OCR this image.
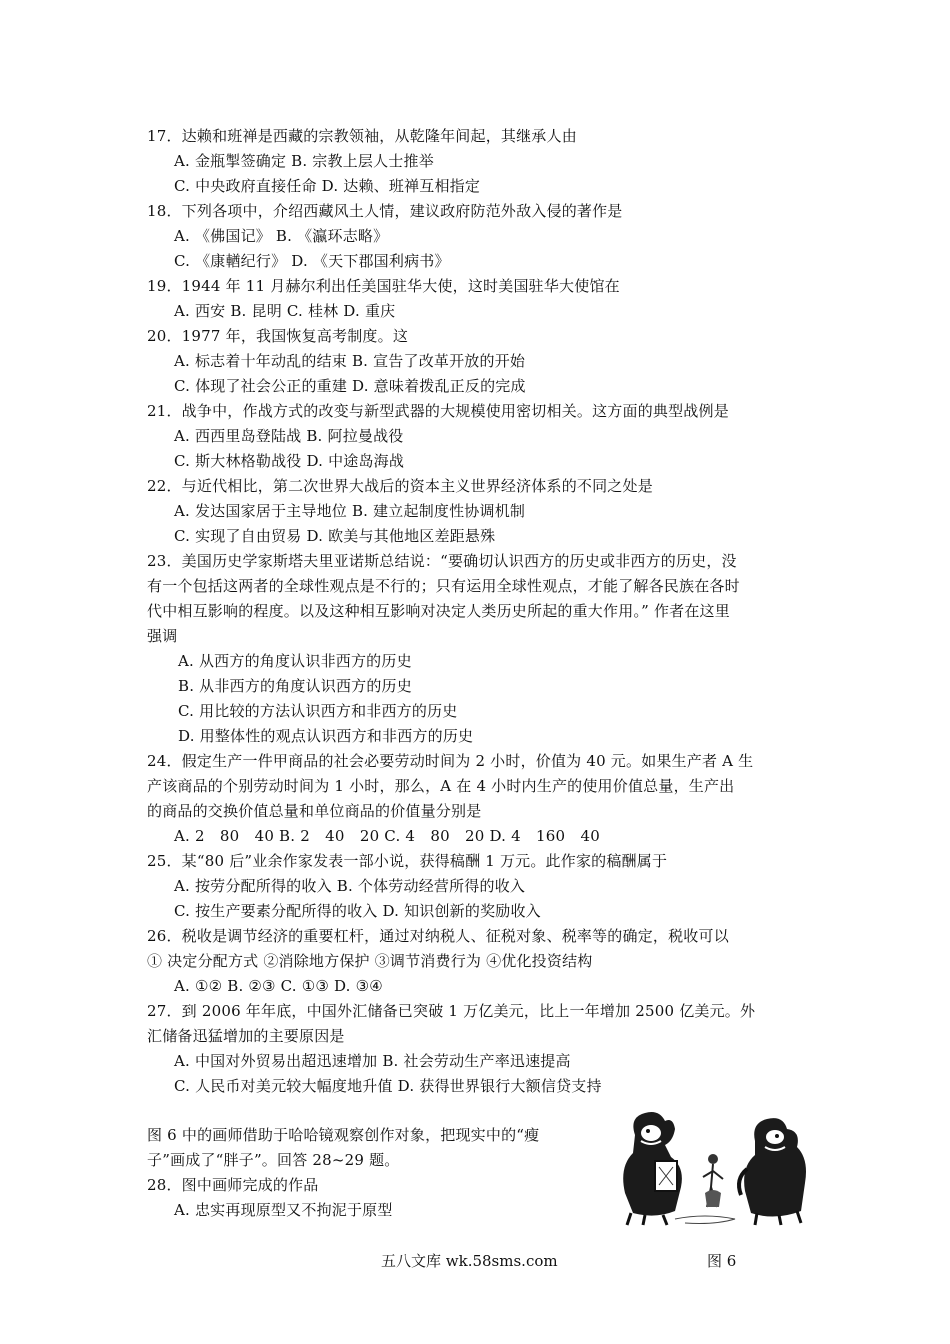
17．达赖和班禅是西藏的宗教领袖，从乾隆年间起，其继承人由
A. 金瓶掣签确定 B. 宗教上层人士推举
C. 中央政府直接任命 D. 达赖、班禅互相指定
18．下列各项中，介绍西藏风土人情，建议政府防范外敌入侵的著作是
A. 《佛国记》 B. 《瀛环志略》
C. 《康輶纪行》 D. 《天下郡国利病书》
19．1944 年 11 月赫尔利出任美国驻华大使，这时美国驻华大使馆在
A. 西安 B. 昆明 C. 桂林 D. 重庆
20．1977 年，我国恢复高考制度。这
A. 标志着十年动乱的结束 B. 宣告了改革开放的开始
C. 体现了社会公正的重建 D. 意味着拨乱正反的完成
21．战争中，作战方式的改变与新型武器的大规模使用密切相关。这方面的典型战例是
A. 西西里岛登陆战 B. 阿拉曼战役
C. 斯大林格勒战役 D. 中途岛海战
22．与近代相比，第二次世界大战后的资本主义世界经济体系的不同之处是
A. 发达国家居于主导地位 B. 建立起制度性协调机制
C. 实现了自由贸易 D. 欧美与其他地区差距悬殊
23．美国历史学家斯塔夫里亚诺斯总结说：“要确切认识西方的历史或非西方的历史，没
有一个包括这两者的全球性观点是不行的；只有运用全球性观点，才能了解各民族在各时
代中相互影响的程度。以及这种相互影响对决定人类历史所起的重大作用。” 作者在这里
强调
A. 从西方的角度认识非西方的历史
B. 从非西方的角度认识西方的历史
C. 用比较的方法认识西方和非西方的历史
D. 用整体性的观点认识西方和非西方的历史
24．假定生产一件甲商品的社会必要劳动时间为 2 小时，价值为 40 元。如果生产者 A 生
产该商品的个别劳动时间为 1 小时，那么，A 在 4 小时内生产的使用价值总量，生产出
的商品的交换价值总量和单位商品的价值量分别是
A. 2　80　40 B. 2　40　20 C. 4　80　20 D. 4　160　40
25．某“80 后”业余作家发表一部小说，获得稿酬 1 万元。此作家的稿酬属于
A. 按劳分配所得的收入 B. 个体劳动经营所得的收入
C. 按生产要素分配所得的收入 D. 知识创新的奖励收入
26．税收是调节经济的重要杠杆，通过对纳税人、征税对象、税率等的确定，税收可以
① 决定分配方式 ②消除地方保护 ③调节消费行为 ④优化投资结构
A. ①② B. ②③ C. ①③ D. ③④
27．到 2006 年年底，中国外汇储备已突破 1 万亿美元，比上一年增加 2500 亿美元。外
汇储备迅猛增加的主要原因是
A. 中国对外贸易出超迅速增加 B. 社会劳动生产率迅速提高
C. 人民币对美元较大幅度地升值 D. 获得世界银行大额信贷支持
图 6 中的画师借助于哈哈镜观察创作对象，把现实中的“瘦
子”画成了“胖子”。回答 28~29 题。
28．图中画师完成的作品
A. 忠实再现原型又不拘泥于原型
五八文库 wk.58sms.com	图 6
